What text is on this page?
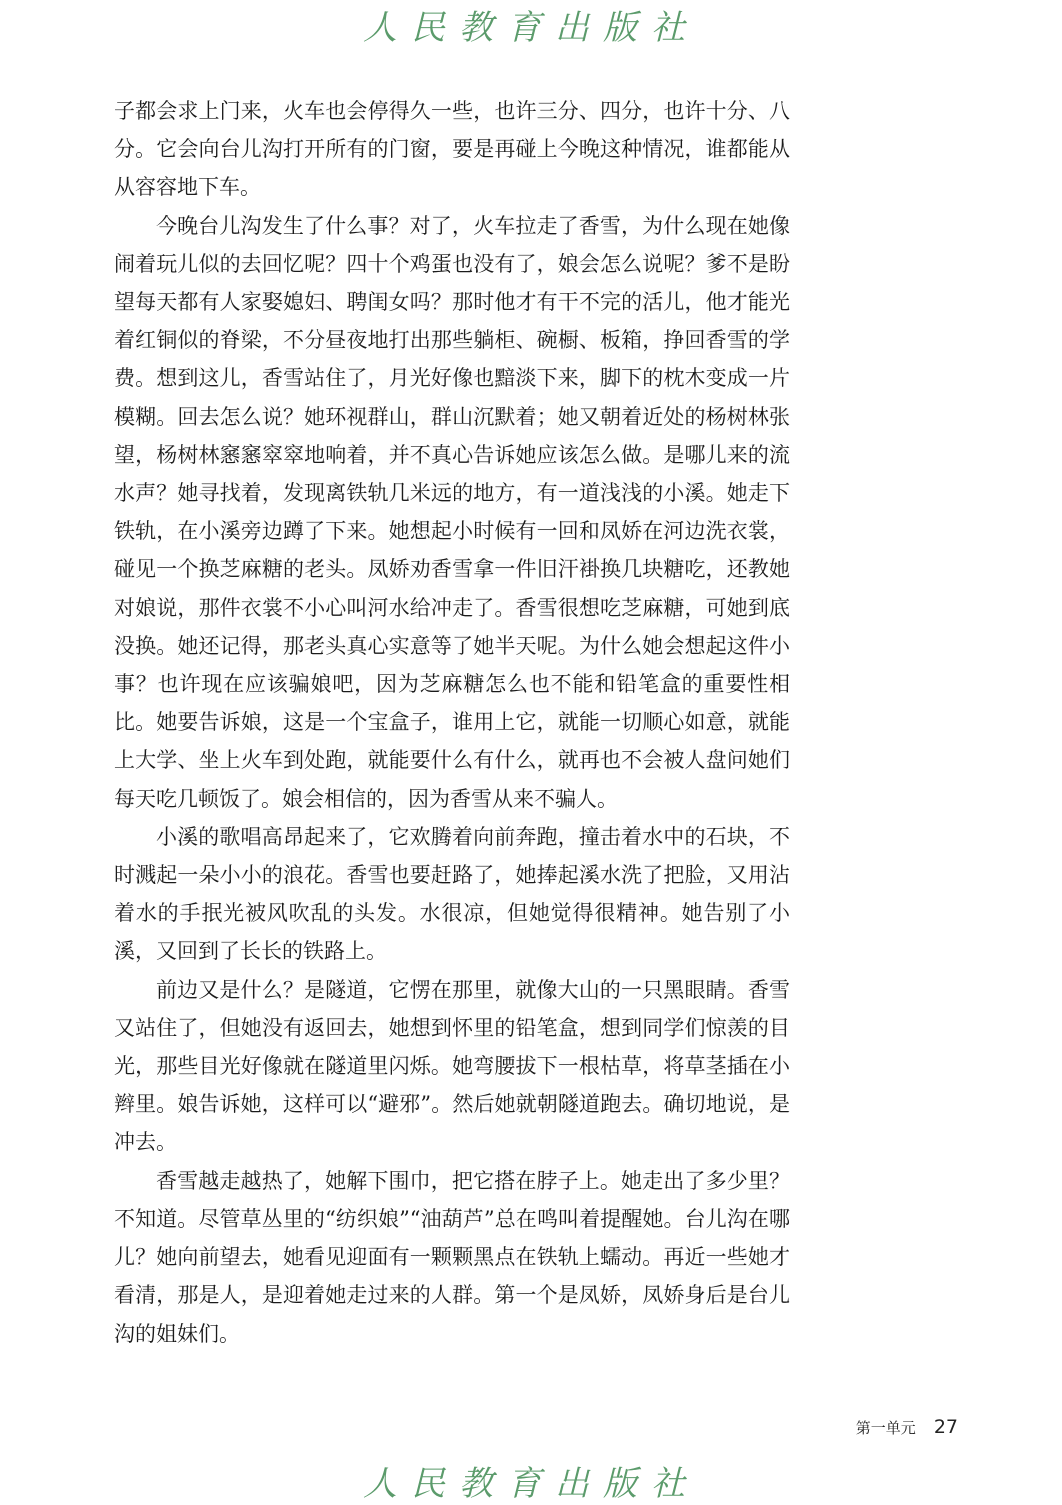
人民教育出版社

子都会求上门来，火车也会停得久一些，也许三分、四分，也许十分、八分。它会向台儿沟打开所有的门窗，要是再碰上今晚这种情况，谁都能从从容容地下车。

今晚台儿沟发生了什么事？对了，火车拉走了香雪，为什么现在她像闹着玩儿似的去回忆呢？四十个鸡蛋也没有了，娘会怎么说呢？爹不是盼望每天都有人家娶媳妇、聘闺女吗？那时他才有干不完的活儿，他才能光着红铜似的脊梁，不分昼夜地打出那些躺柜、碗橱、板箱，挣回香雪的学费。想到这儿，香雪站住了，月光好像也黯淡下来，脚下的枕木变成一片模糊。回去怎么说？她环视群山，群山沉默着；她又朝着近处的杨树林张望，杨树林窸窸窣窣地响着，并不真心告诉她应该怎么做。是哪儿来的流水声？她寻找着，发现离铁轨几米远的地方，有一道浅浅的小溪。她走下铁轨，在小溪旁边蹲了下来。她想起小时候有一回和凤娇在河边洗衣裳，碰见一个换芝麻糖的老头。凤娇劝香雪拿一件旧汗褂换几块糖吃，还教她对娘说，那件衣裳不小心叫河水给冲走了。香雪很想吃芝麻糖，可她到底没换。她还记得，那老头真心实意等了她半天呢。为什么她会想起这件小事？也许现在应该骗娘吧，因为芝麻糖怎么也不能和铅笔盒的重要性相比。她要告诉娘，这是一个宝盒子，谁用上它，就能一切顺心如意，就能上大学、坐上火车到处跑，就能要什么有什么，就再也不会被人盘问她们每天吃几顿饭了。娘会相信的，因为香雪从来不骗人。

小溪的歌唱高昂起来了，它欢腾着向前奔跑，撞击着水中的石块，不时溅起一朵小小的浪花。香雪也要赶路了，她捧起溪水洗了把脸，又用沾着水的手抿光被风吹乱的头发。水很凉，但她觉得很精神。她告别了小溪，又回到了长长的铁路上。

前边又是什么？是隧道，它愣在那里，就像大山的一只黑眼睛。香雪又站住了，但她没有返回去，她想到怀里的铅笔盒，想到同学们惊羡的目光，那些目光好像就在隧道里闪烁。她弯腰拔下一根枯草，将草茎插在小辫里。娘告诉她，这样可以“避邪”。然后她就朝隧道跑去。确切地说，是冲去。

香雪越走越热了，她解下围巾，把它搭在脖子上。她走出了多少里？不知道。尽管草丛里的“纺织娘”“油葫芦”总在鸣叫着提醒她。台儿沟在哪儿？她向前望去，她看见迎面有一颗颗黑点在铁轨上蠕动。再近一些她才看清，那是人，是迎着她走过来的人群。第一个是凤娇，凤娇身后是台儿沟的姐妹们。

第一单元 27
人民教育出版社
